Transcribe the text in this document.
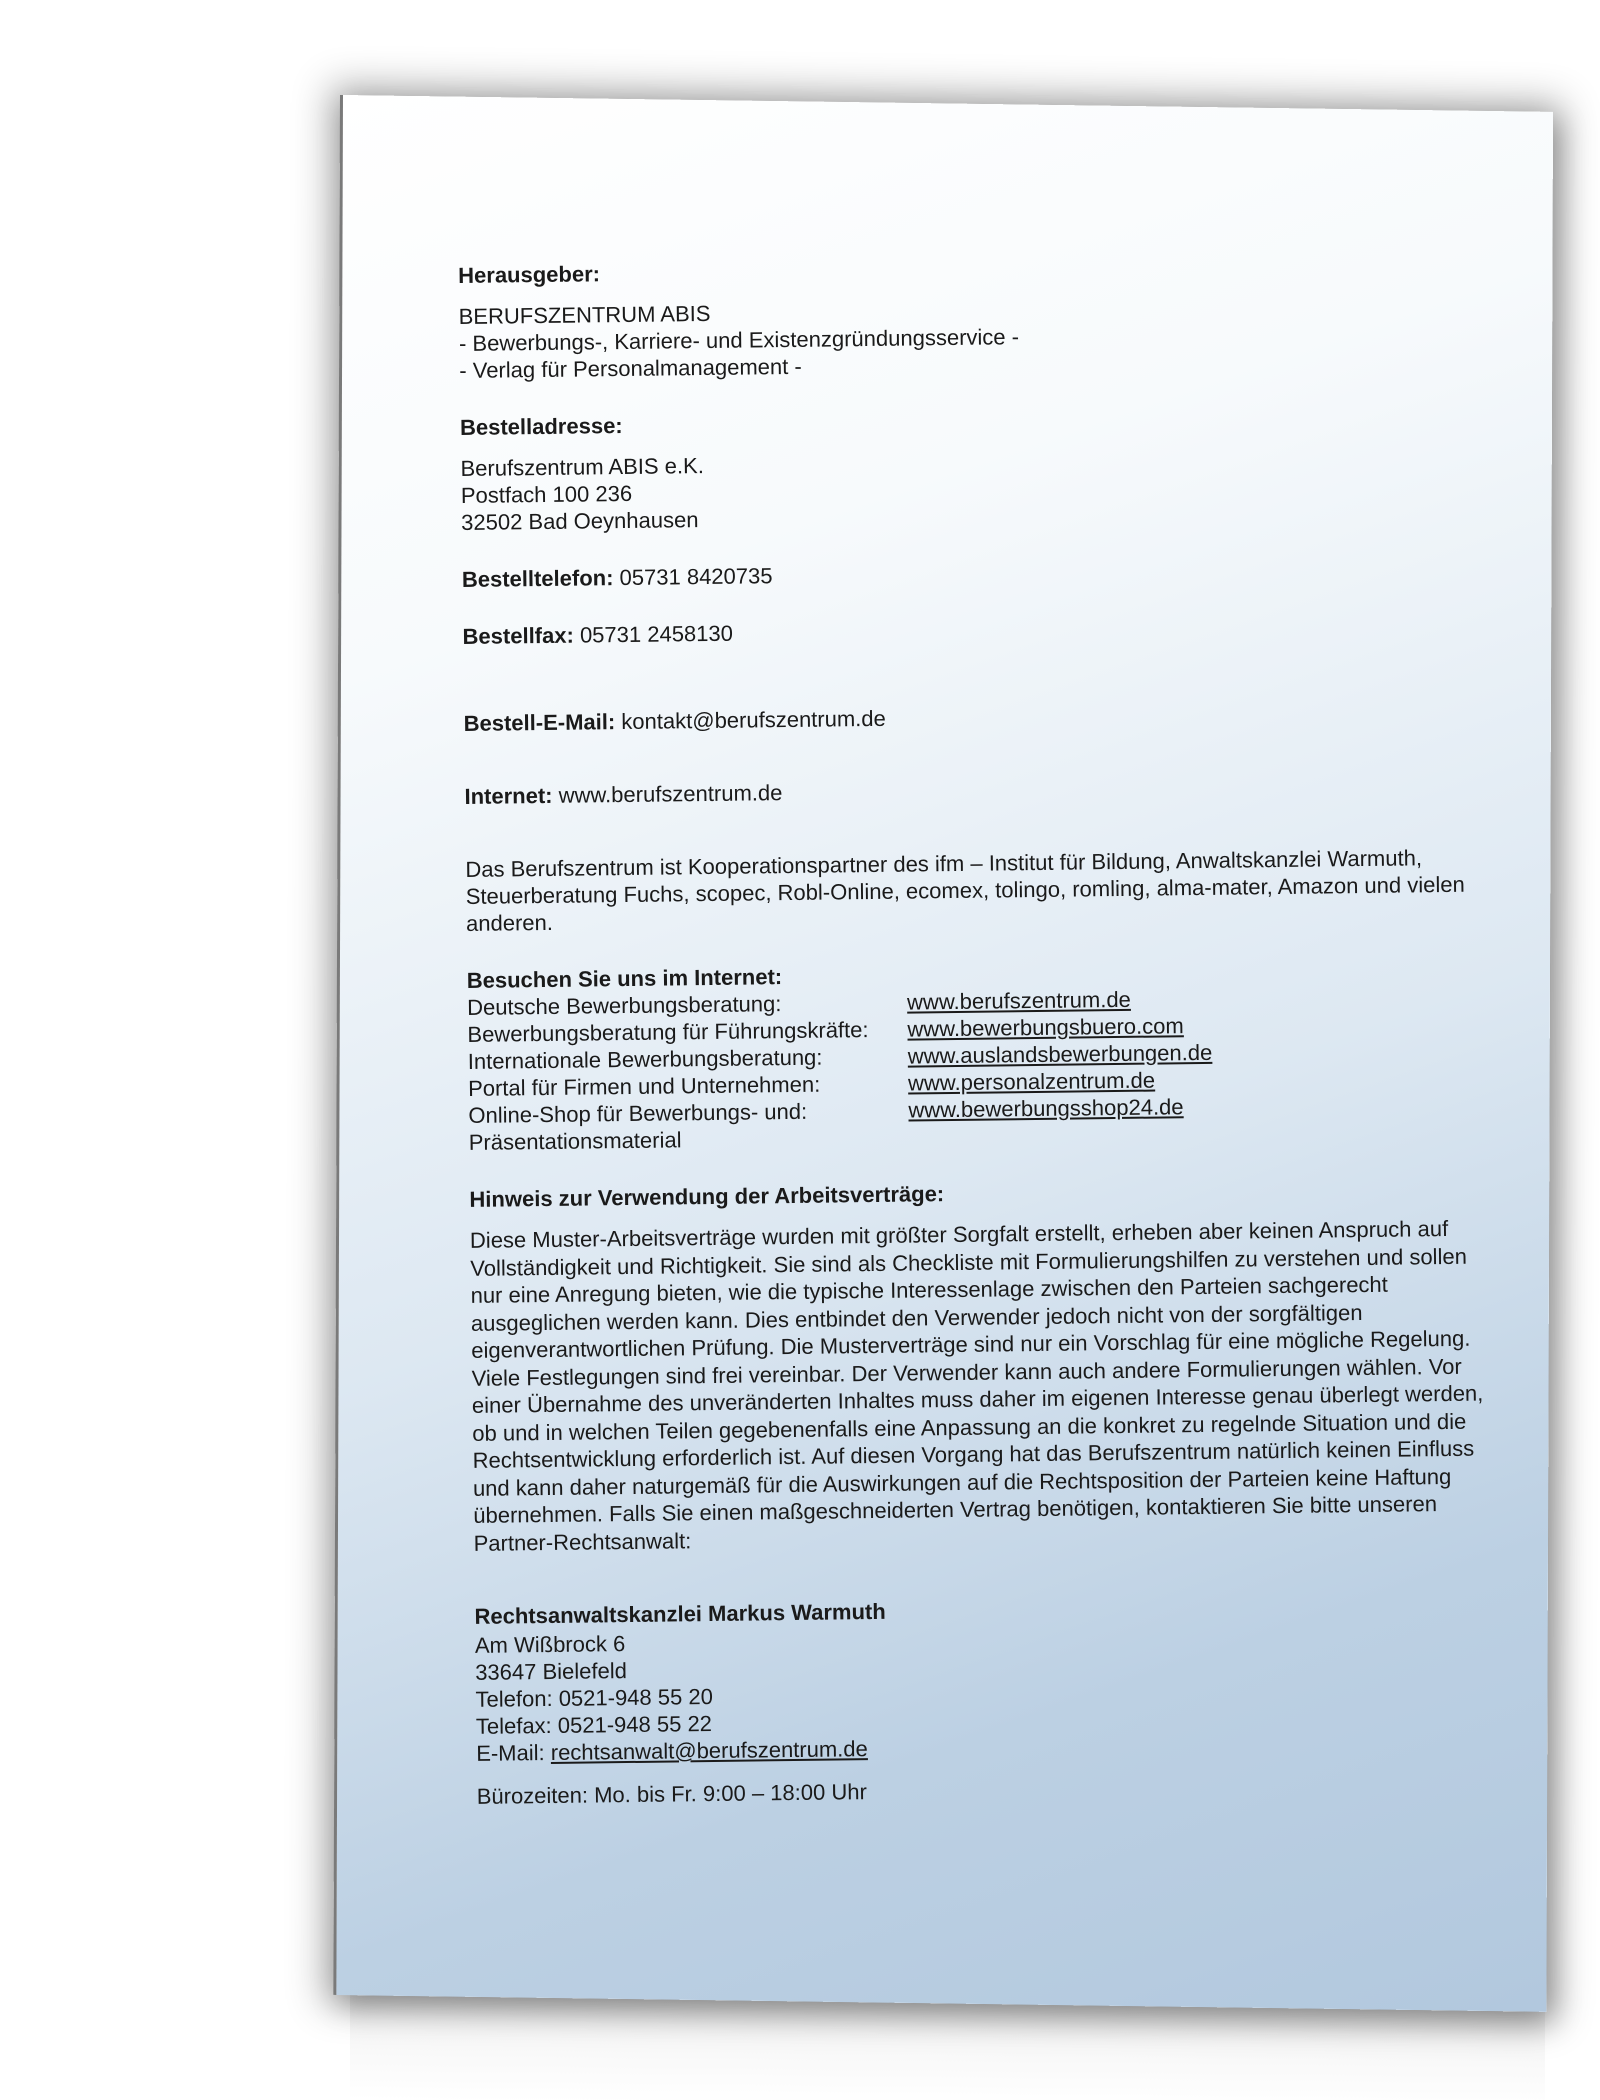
Herausgeber:
BERUFSZENTRUM ABIS
- Bewerbungs-, Karriere- und Existenzgründungsservice -
- Verlag für Personalmanagement -
Bestelladresse:
Berufszentrum ABIS e.K.
Postfach 100 236
32502 Bad Oeynhausen
Bestelltelefon: 05731 8420735
Bestellfax: 05731 2458130
Bestell-E-Mail: kontakt@berufszentrum.de
Internet: www.berufszentrum.de
Das Berufszentrum ist Kooperationspartner des ifm – Institut für Bildung, Anwaltskanzlei Warmuth, Steuerberatung Fuchs, scopec, Robl-Online, ecomex, tolingo, romling, alma-mater, Amazon und vielen anderen.
Besuchen Sie uns im Internet:
Deutsche Bewerbungsberatung:	www.berufszentrum.de
Bewerbungsberatung für Führungskräfte:	www.bewerbungsbuero.com
Internationale Bewerbungsberatung:	www.auslandsbewerbungen.de
Portal für Firmen und Unternehmen:	www.personalzentrum.de
Online-Shop für Bewerbungs- und:	www.bewerbungsshop24.de
Präsentationsmaterial
Hinweis zur Verwendung der Arbeitsverträge:
Diese Muster-Arbeitsverträge wurden mit größter Sorgfalt erstellt, erheben aber keinen Anspruch auf Vollständigkeit und Richtigkeit. Sie sind als Checkliste mit Formulierungshilfen zu verstehen und sollen nur eine Anregung bieten, wie die typische Interessenlage zwischen den Parteien sachgerecht ausgeglichen werden kann. Dies entbindet den Verwender jedoch nicht von der sorgfältigen eigenverantwortlichen Prüfung. Die Musterverträge sind nur ein Vorschlag für eine mögliche Regelung. Viele Festlegungen sind frei vereinbar. Der Verwender kann auch andere Formulierungen wählen. Vor einer Übernahme des unveränderten Inhaltes muss daher im eigenen Interesse genau überlegt werden, ob und in welchen Teilen gegebenenfalls eine Anpassung an die konkret zu regelnde Situation und die Rechtsentwicklung erforderlich ist. Auf diesen Vorgang hat das Berufszentrum natürlich keinen Einfluss und kann daher naturgemäß für die Auswirkungen auf die Rechtsposition der Parteien keine Haftung übernehmen. Falls Sie einen maßgeschneiderten Vertrag benötigen, kontaktieren Sie bitte unseren Partner-Rechtsanwalt:
Rechtsanwaltskanzlei Markus Warmuth
Am Wißbrock 6
33647 Bielefeld
Telefon: 0521-948 55 20
Telefax: 0521-948 55 22
E-Mail: rechtsanwalt@berufszentrum.de
Bürozeiten: Mo. bis Fr. 9:00 – 18:00 Uhr
